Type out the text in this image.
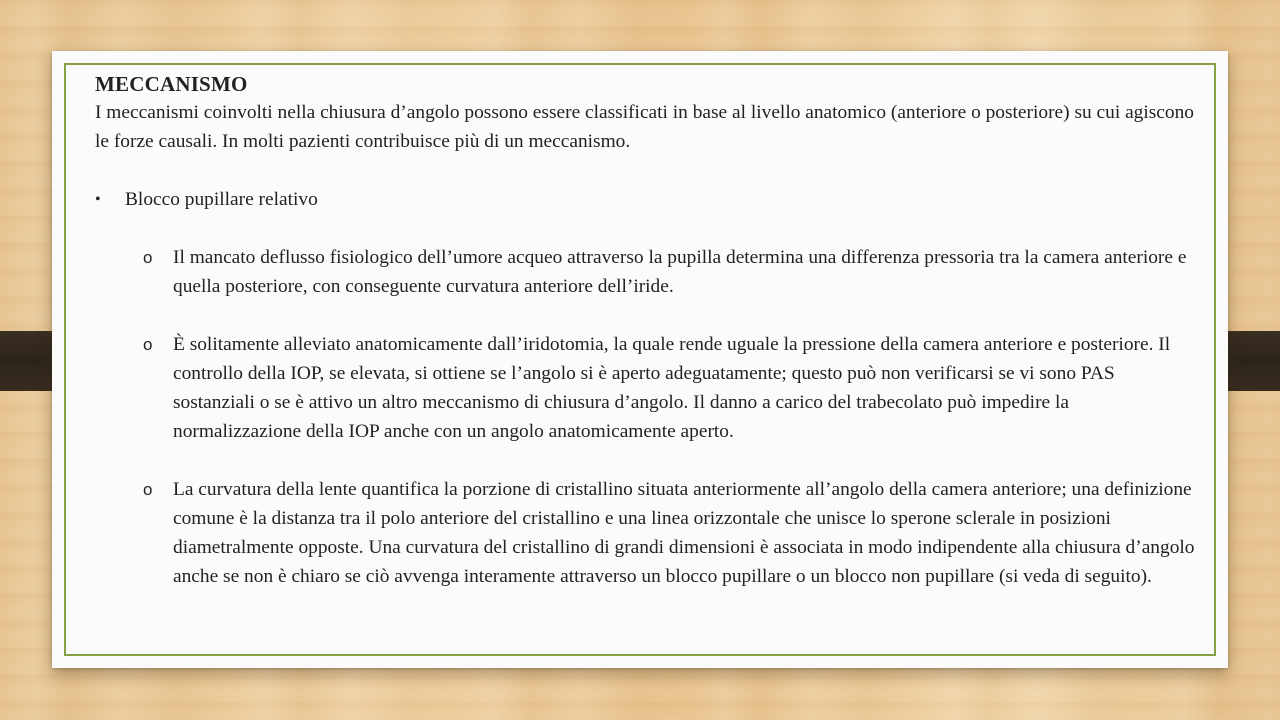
MECCANISMO

I meccanismi coinvolti nella chiusura d’angolo possono essere classificati in base al livello anatomico (anteriore o posteriore) su cui agiscono le forze causali. In molti pazienti contribuisce più di un meccanismo.

•	Blocco pupillare relativo
o	Il mancato deflusso fisiologico dell’umore acqueo attraverso la pupilla determina una differenza pressoria tra la camera anteriore e quella posteriore, con conseguente curvatura anteriore dell’iride.
o	È solitamente alleviato anatomicamente dall’iridotomia, la quale rende uguale la pressione della camera anteriore e posteriore. Il controllo della IOP, se elevata, si ottiene se l’angolo si è aperto adeguatamente; questo può non verificarsi se vi sono PAS sostanziali o se è attivo un altro meccanismo di chiusura d’angolo. Il danno a carico del trabecolato può impedire la normalizzazione della IOP anche con un angolo anatomicamente aperto.
o	La curvatura della lente quantifica la porzione di cristallino situata anteriormente all’angolo della camera anteriore; una definizione comune è la distanza tra il polo anteriore del cristallino e una linea orizzontale che unisce lo sperone sclerale in posizioni diametralmente opposte. Una curvatura del cristallino di grandi dimensioni è associata in modo indipendente alla chiusura d’angolo anche se non è chiaro se ciò avvenga interamente attraverso un blocco pupillare o un blocco non pupillare (si veda di seguito).
